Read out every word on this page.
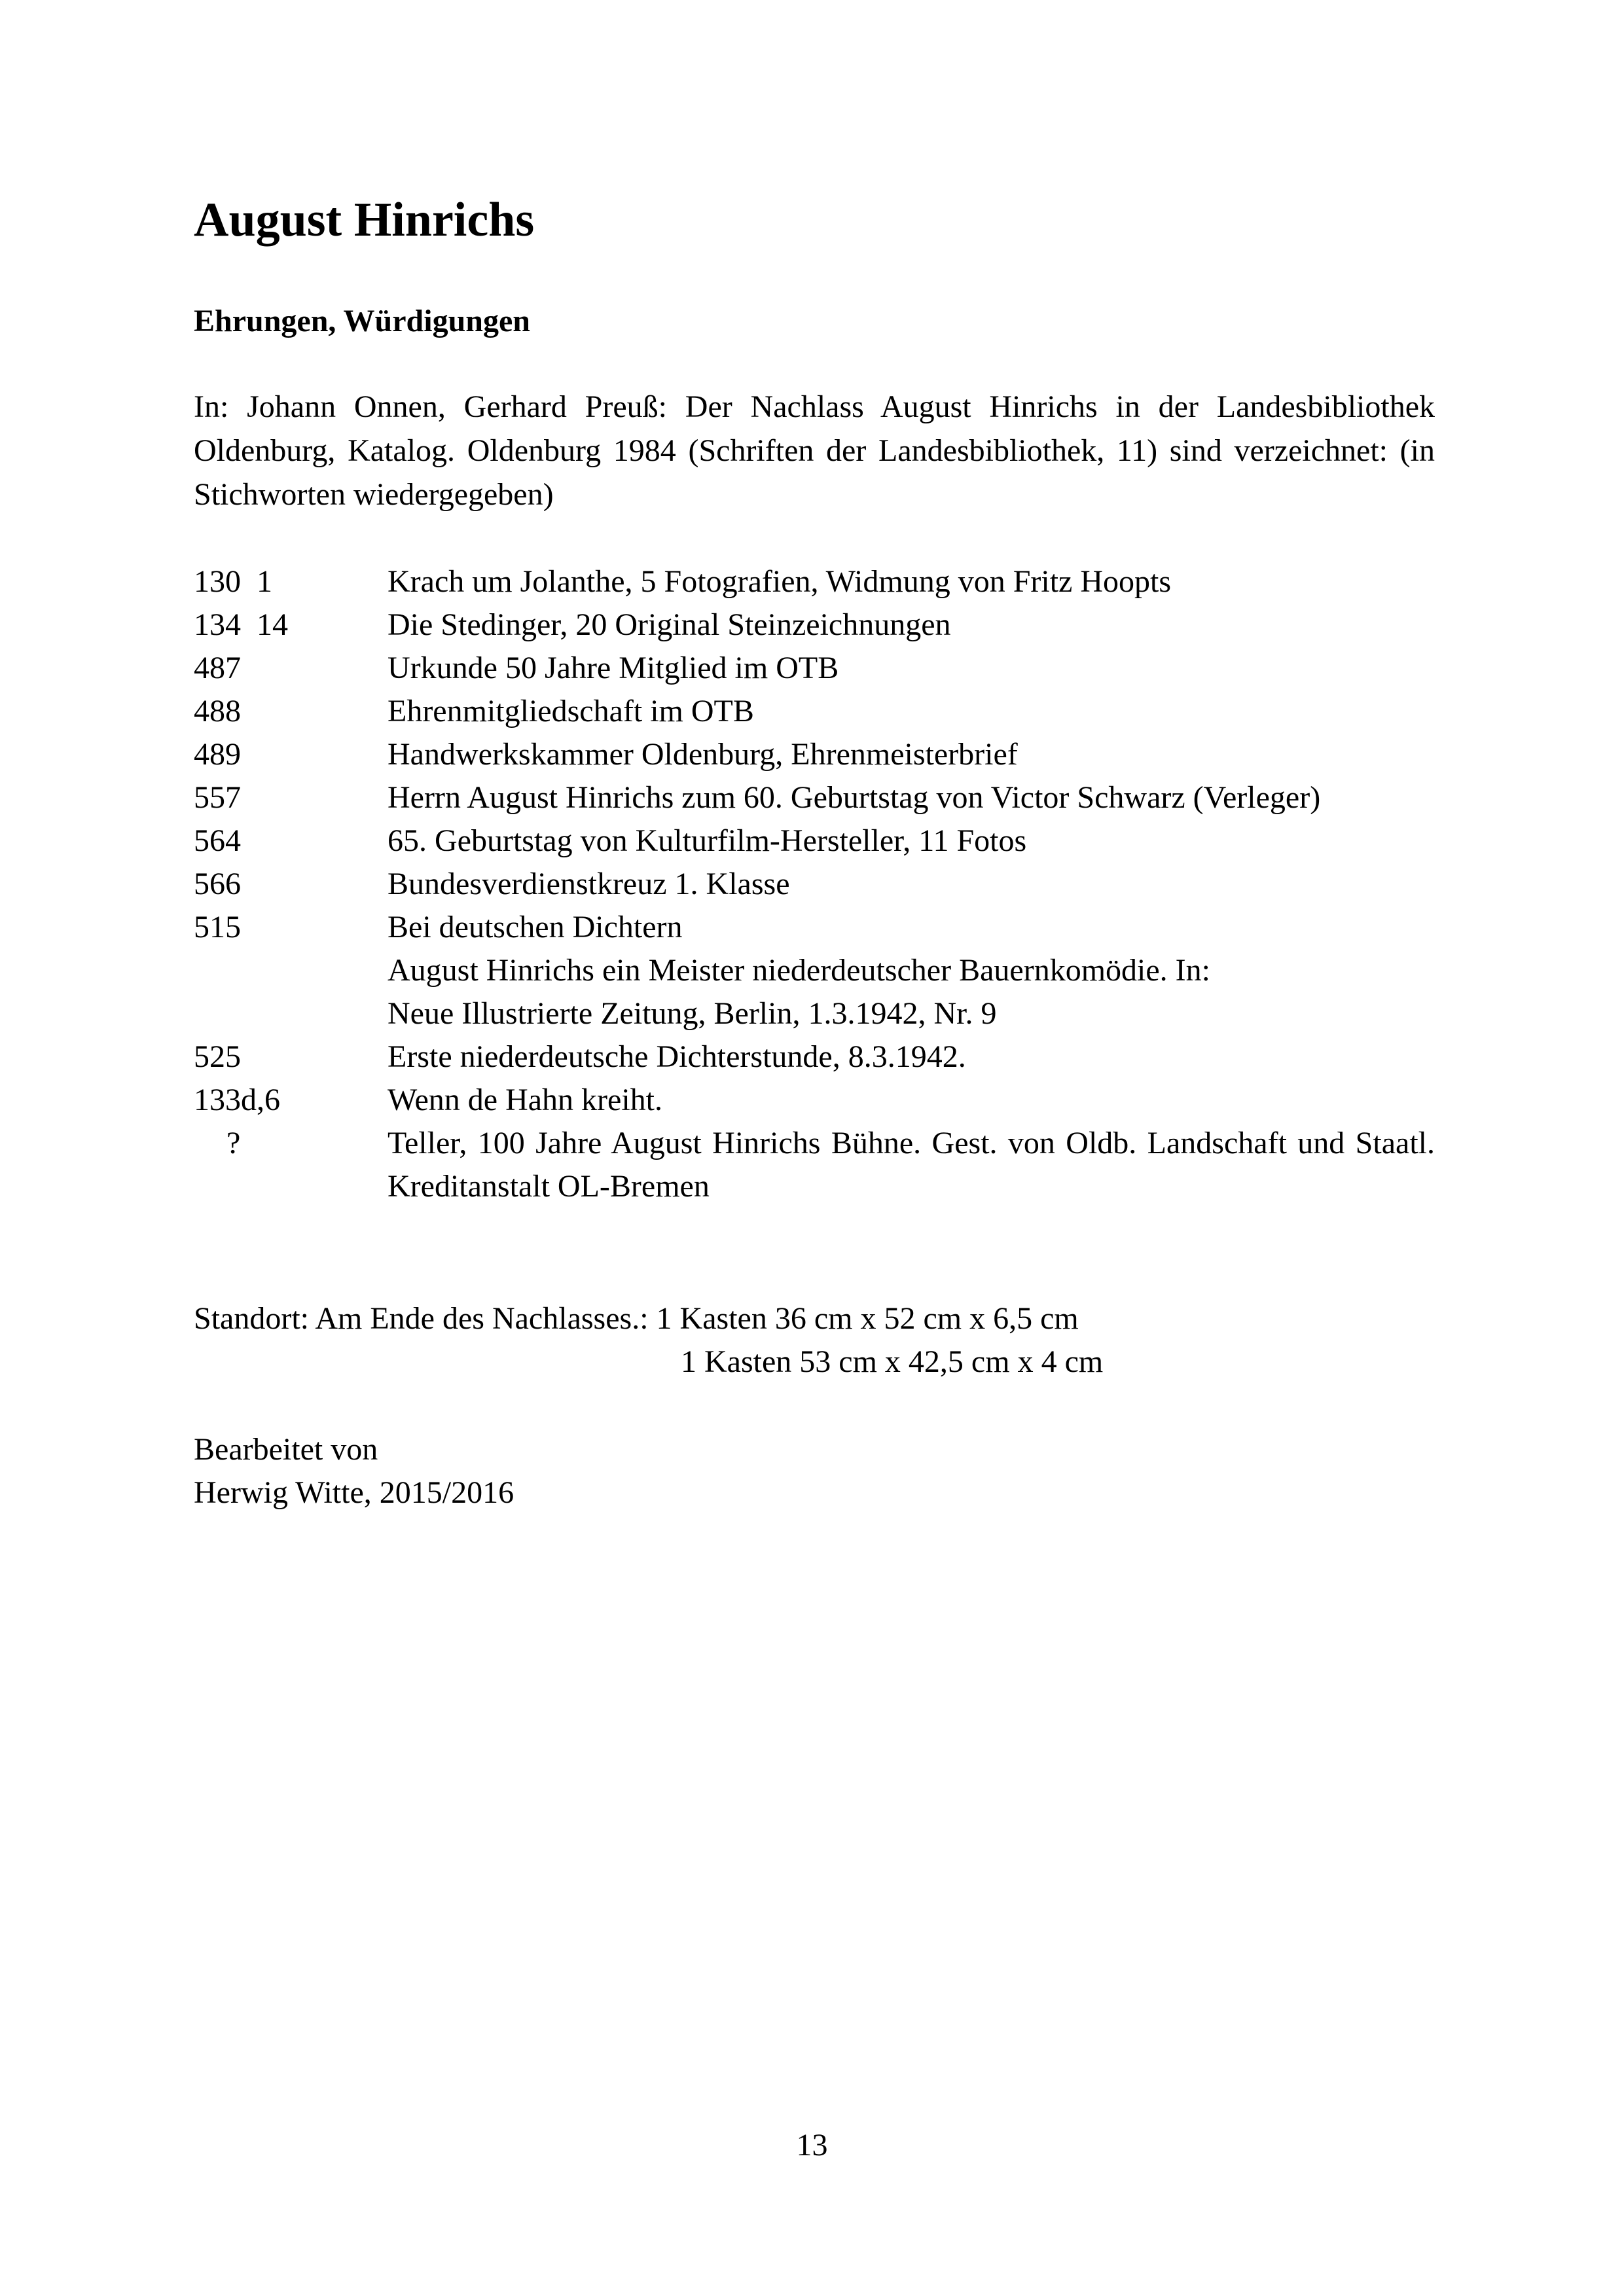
August Hinrichs
Ehrungen, Würdigungen

In: Johann Onnen, Gerhard Preuß: Der Nachlass August Hinrichs in der Landesbibliothek Oldenburg, Katalog. Oldenburg 1984 (Schriften der Landesbibliothek, 11) sind verzeichnet: (in Stichworten wiedergegeben)

130  1	Krach um Jolanthe, 5 Fotografien, Widmung von Fritz Hoopts
134  14	Die Stedinger, 20 Original Steinzeichnungen
487	Urkunde 50 Jahre Mitglied im OTB
488	Ehrenmitgliedschaft im OTB
489	Handwerkskammer Oldenburg, Ehrenmeisterbrief
557	Herrn August Hinrichs zum 60. Geburtstag von Victor Schwarz (Verleger)
564	65. Geburtstag von Kulturfilm-Hersteller, 11 Fotos
566	Bundesverdienstkreuz 1. Klasse
515	Bei deutschen Dichtern
August Hinrichs ein Meister niederdeutscher Bauernkomödie. In:
Neue Illustrierte Zeitung, Berlin, 1.3.1942, Nr. 9
525	Erste niederdeutsche Dichterstunde, 8.3.1942.
133d,6	Wenn de Hahn kreiht.
?	Teller, 100 Jahre August Hinrichs Bühne. Gest. von Oldb. Landschaft und Staatl. Kreditanstalt OL-Bremen
Standort: Am Ende des Nachlasses.: 1 Kasten 36 cm x 52 cm x 6,5 cm
1 Kasten 53 cm x 42,5 cm x 4 cm
Bearbeitet von
Herwig Witte, 2015/2016
13
